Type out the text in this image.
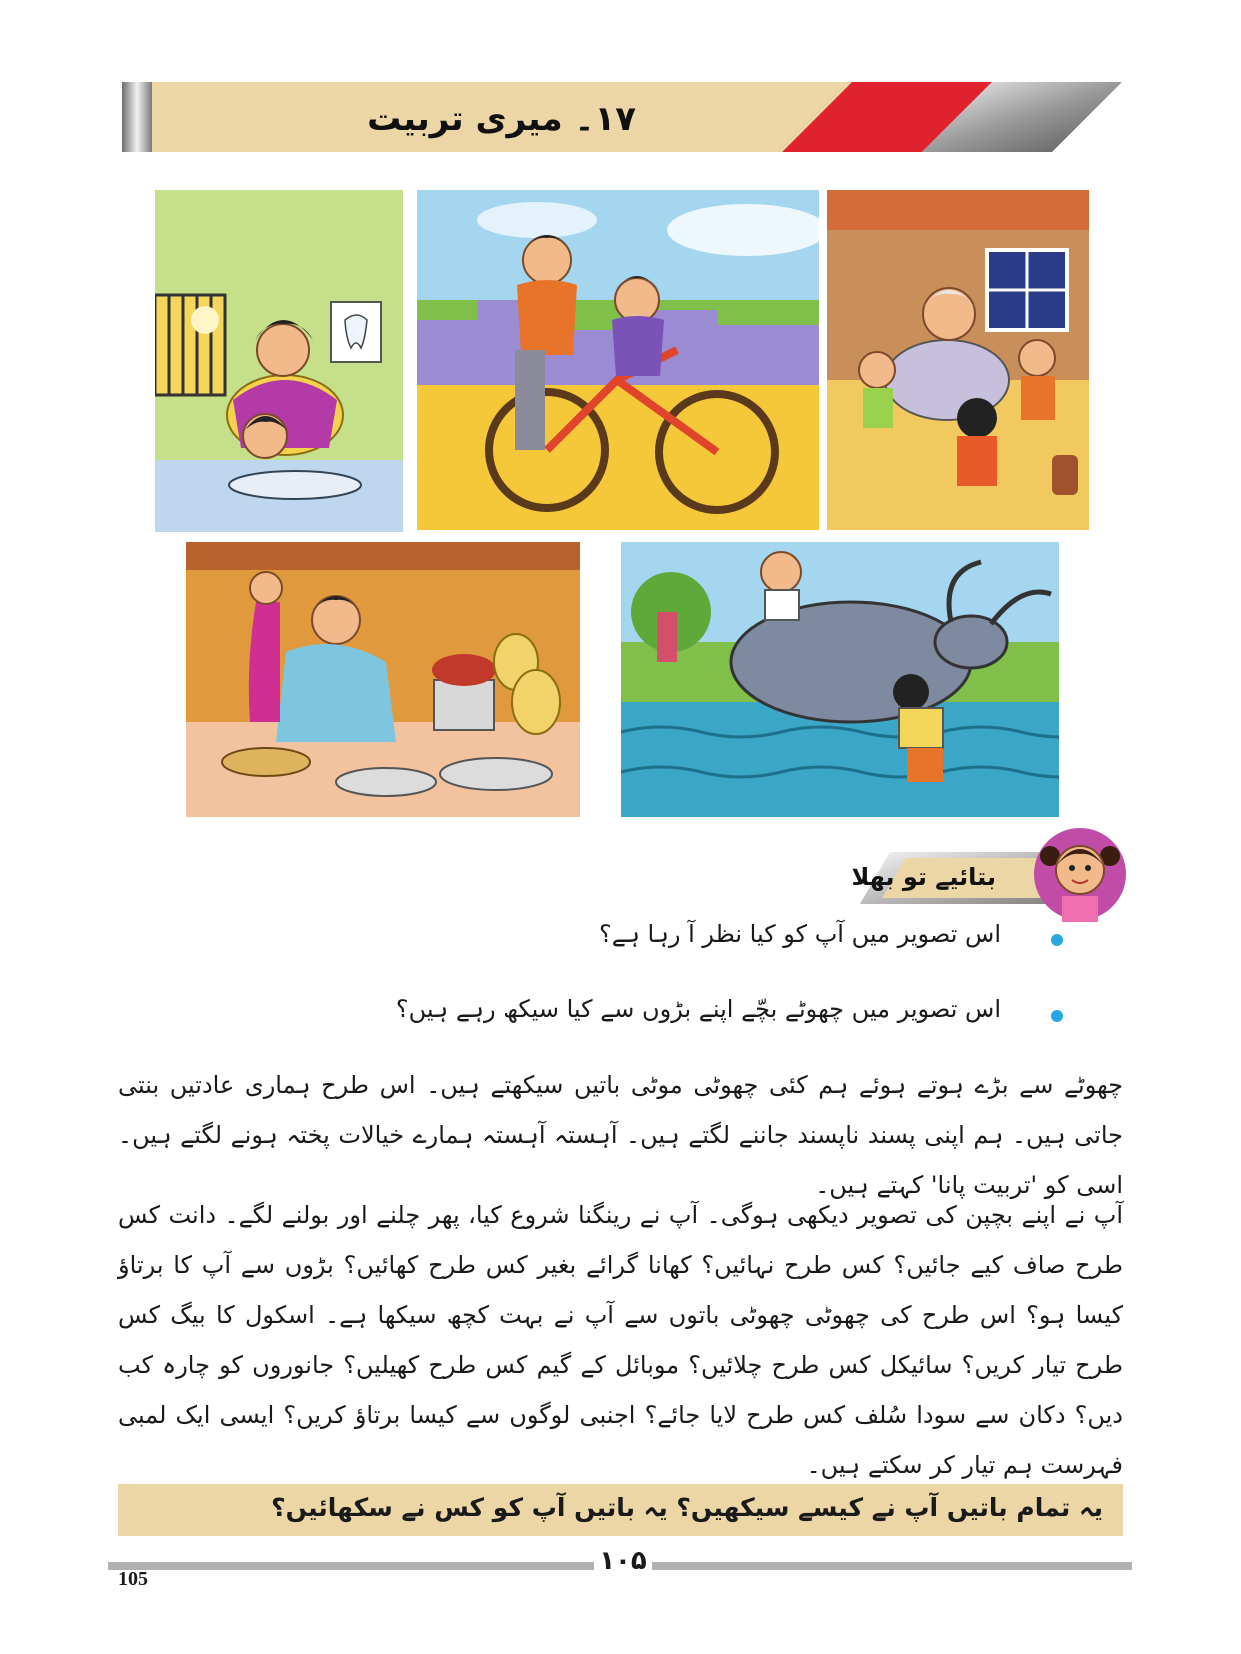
۱۷۔ میری تربیت
بتائیے تو بھلا
اس تصویر میں آپ کو کیا نظر آ رہا ہے؟
اس تصویر میں چھوٹے بچّے اپنے بڑوں سے کیا سیکھ رہے ہیں؟
چھوٹے سے بڑے ہوتے ہوئے ہم کئی چھوٹی موٹی باتیں سیکھتے ہیں۔ اس طرح ہماری عادتیں بنتی جاتی ہیں۔ ہم اپنی پسند ناپسند جاننے لگتے ہیں۔ آہستہ آہستہ ہمارے خیالات پختہ ہونے لگتے ہیں۔ اسی کو 'تربیت پانا' کہتے ہیں۔
آپ نے اپنے بچپن کی تصویر دیکھی ہوگی۔ آپ نے رینگنا شروع کیا، پھر چلنے اور بولنے لگے۔ دانت کس طرح صاف کیے جائیں؟ کس طرح نہائیں؟ کھانا گرائے بغیر کس طرح کھائیں؟ بڑوں سے آپ کا برتاؤ کیسا ہو؟ اس طرح کی چھوٹی چھوٹی باتوں سے آپ نے بہت کچھ سیکھا ہے۔ اسکول کا بیگ کس طرح تیار کریں؟ سائیکل کس طرح چلائیں؟ موبائل کے گیم کس طرح کھیلیں؟ جانوروں کو چارہ کب دیں؟ دکان سے سودا سُلف کس طرح لایا جائے؟ اجنبی لوگوں سے کیسا برتاؤ کریں؟ ایسی ایک لمبی فہرست ہم تیار کر سکتے ہیں۔
یہ تمام باتیں آپ نے کیسے سیکھیں؟ یہ باتیں آپ کو کس نے سکھائیں؟
۱۰۵
105
